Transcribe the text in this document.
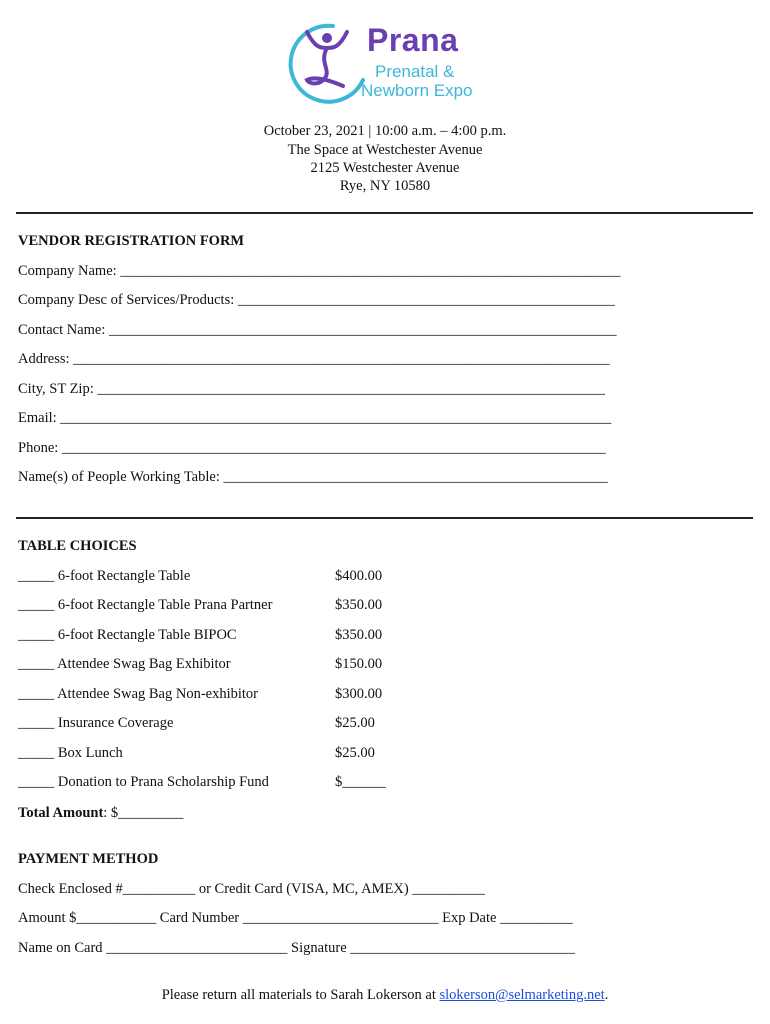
Prana
Prenatal &
Newborn Expo
October 23, 2021 | 10:00 a.m. – 4:00 p.m.
The Space at Westchester Avenue
2125 Westchester Avenue
Rye, NY 10580
VENDOR REGISTRATION FORM
Company Name: _____________________________________________________________________
Company Desc of Services/Products: ____________________________________________________
Contact Name: ______________________________________________________________________
Address: __________________________________________________________________________
City, ST Zip: ______________________________________________________________________
Email: ____________________________________________________________________________
Phone: ___________________________________________________________________________
Name(s) of People Working Table: _____________________________________________________
TABLE CHOICES
_____ 6-foot Rectangle Table	$400.00
_____ 6-foot Rectangle Table Prana Partner	$350.00
_____ 6-foot Rectangle Table BIPOC	$350.00
_____ Attendee Swag Bag Exhibitor	$150.00
_____ Attendee Swag Bag Non-exhibitor	$300.00
_____ Insurance Coverage	$25.00
_____ Box Lunch	$25.00
_____ Donation to Prana Scholarship Fund	$______
Total Amount: $_________
PAYMENT METHOD
Check Enclosed #__________ or Credit Card (VISA, MC, AMEX) __________
Amount $___________ Card Number ___________________________ Exp Date __________
Name on Card _________________________ Signature _______________________________
Please return all materials to Sarah Lokerson at slokerson@selmarketing.net.
